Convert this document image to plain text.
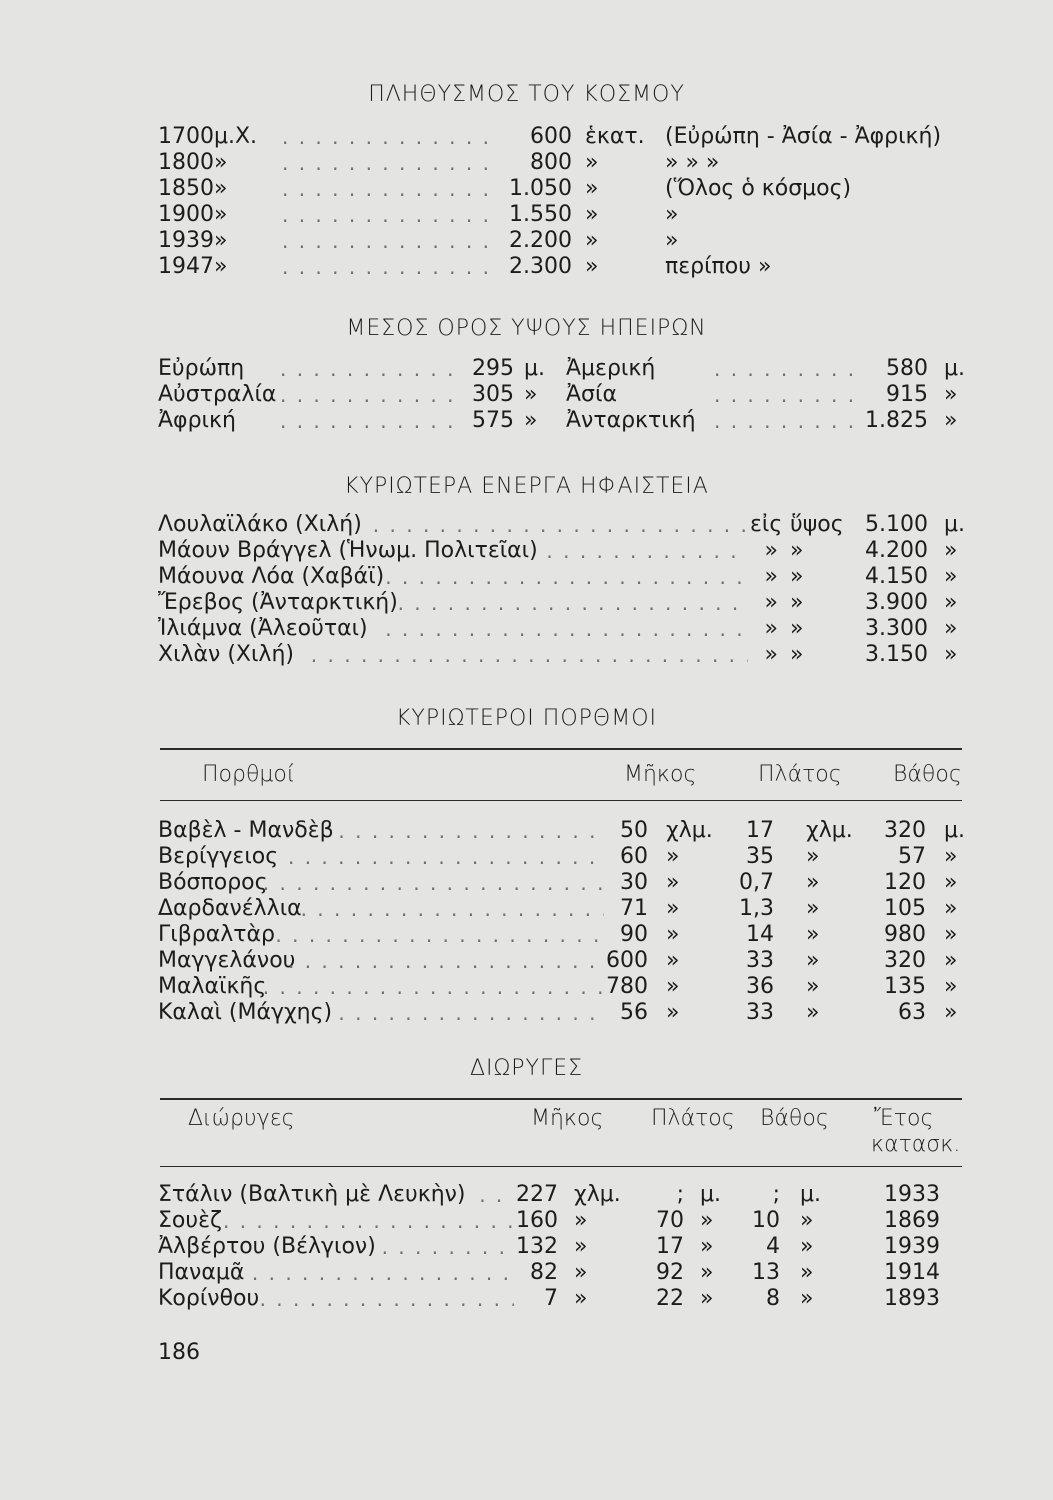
ΠΛΗΘΥΣΜΟΣ ΤΟΥ ΚΟΣΜΟΥ
1700 μ.Χ. . . .	600 ἑκατ. (Εὐρώπη - Ἀσία - Ἀφρική)
1800 » . . .	800 »	» » »
1850 » . . .	1.050 »	(Ὅλος ὁ κόσμος)
1900 » . . .	1.550 »	»
1939 » . . .	2.200 »	»
1947 » . . .	2.300 »	περίπου »
ΜΕΣΟΣ ΟΡΟΣ ΥΨΟΥΣ ΗΠΕΙΡΩΝ
Εὐρώπη . . .	295 μ. Ἀμερική . . .	580 μ.
Αὐστραλία . . .	305 » Ἀσία . . .	915 »
Ἀφρική . . .	575 » Ἀνταρκτική . . .	1.825 »
ΚΥΡΙΩΤΕΡΑ ΕΝΕΡΓΑ ΗΦΑΙΣΤΕΙΑ
Λουλαϊλάκο (Χιλή) . . .	εἰς ὕψος 5.100 μ.
Μάουν Βράγγελ (Ἡνωμ. Πολιτεῖαι) . . .	» »	4.200 »
Μάουνα Λόα (Χαβάϊ) . . .	» »	4.150 »
Ἔρεβος (Ἀνταρκτική) . . .	» »	3.900 »
Ἰλιάμνα (Ἀλεοῦται) . . .	» »	3.300 »
Χιλὰν (Χιλή) . . .	» »	3.150 »
ΚΥΡΙΩΤΕΡΟΙ ΠΟΡΘΜΟΙ
Πορθμοί	Μῆκος	Πλάτος Βάθος
Βαβὲλ - Μανδὲβ . . .	50 χλμ.	17 χλμ.	320 μ.
Βερίγγειος . . .	60 »	35 »	57 »
Βόσπορος . . .	30 »	0,7 »	120 »
Δαρδανέλλια . . .	71 »	1,3 »	105 »
Γιβραλτὰρ . . .	90 »	14 »	980 »
Μαγγελάνου . . .	600 »	33 »	320 »
Μαλαϊκῆς . . .	780 »	36 »	135 »
Καλαὶ (Μάγχης) . . .	56 »	33 »	63 »
ΔΙΩΡΥΓΕΣ
Διώρυγες	Μῆκος Πλάτος Βάθος Ἔτος
κατασκ.
Στάλιν (Βαλτικὴ μὲ Λευκὴν) . . . 227 χλμ.	; μ.	; μ.	1933
Σουὲζ . . .	160 »	70 »	10 »	1869
Ἀλβέρτου (Βέλγιον) . . .	132 »	17 »	4 »	1939
Παναμᾶ . . .	82 »	92 »	13 »	1914
Κορίνθου . . .	7 »	22 »	8 »	1893
186
